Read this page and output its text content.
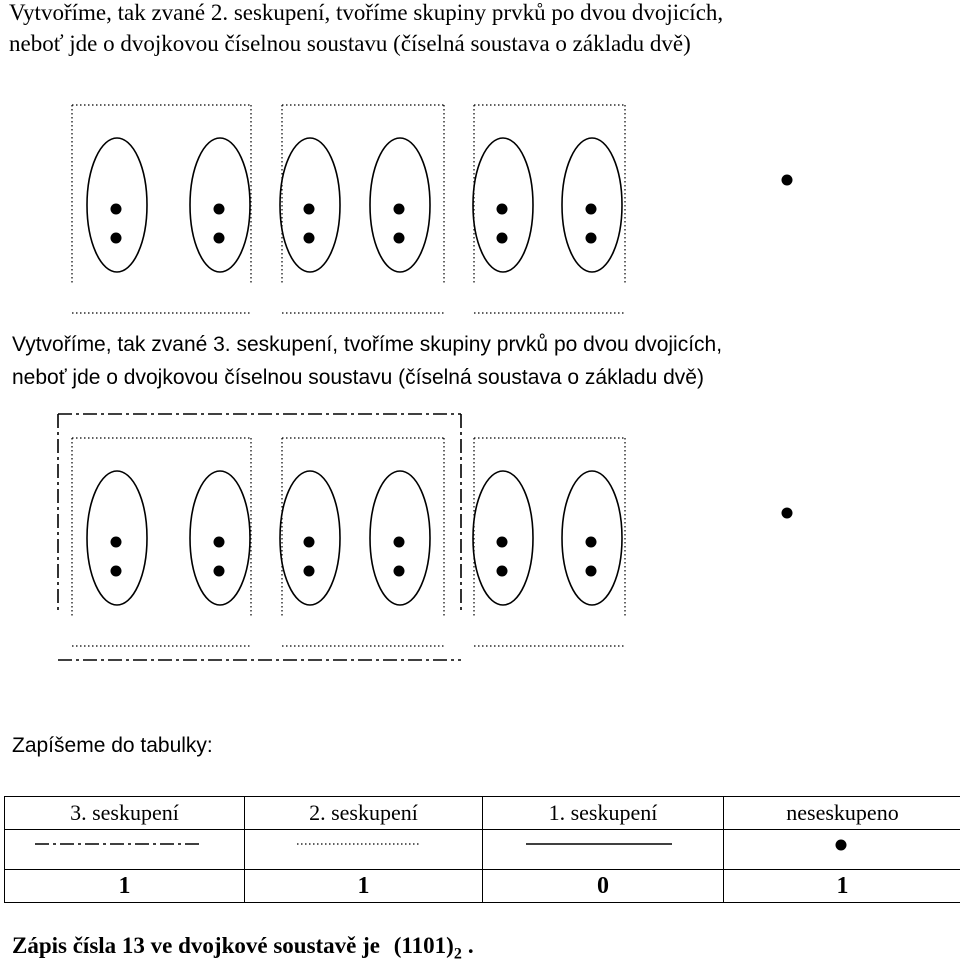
Vytvoříme, tak zvané 2. seskupení, tvoříme skupiny prvků po dvou dvojicích,
neboť jde o dvojkovou číselnou soustavu (číselná soustava o základu dvě)
Vytvoříme, tak zvané 3. seskupení, tvoříme skupiny prvků po dvou dvojicích,
neboť jde o dvojkovou číselnou soustavu (číselná soustava o základu dvě)
Zapíšeme do tabulky:
3. seskupení	2. seskupení	1. seskupení	neseskupeno

1	1	0	1
Zápis čísla 13 ve dvojkové soustavě je $(1101)_2$ .
